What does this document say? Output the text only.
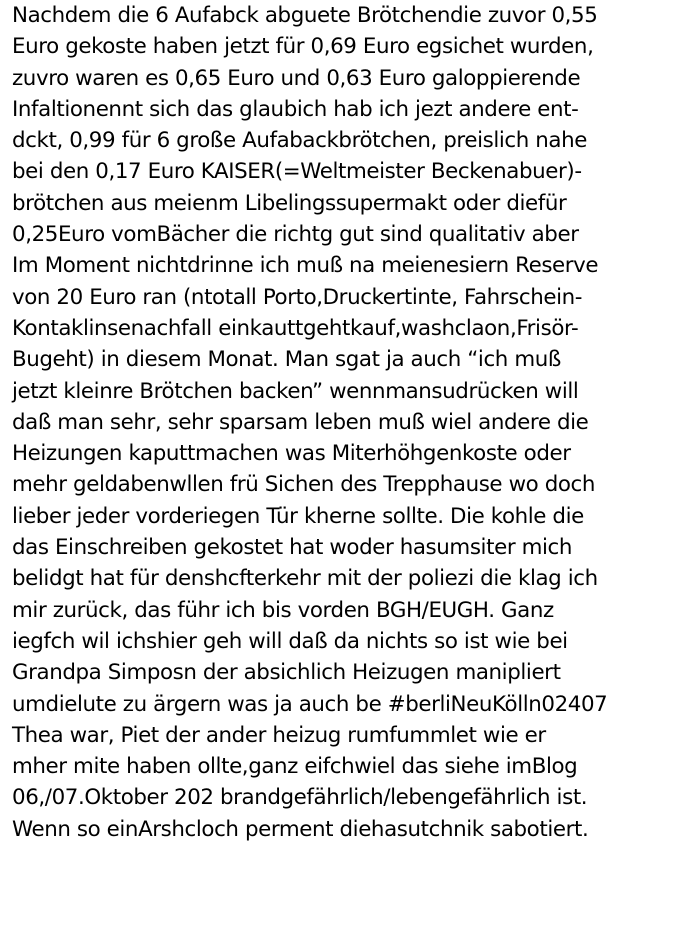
Nachdem die 6 Aufabck abguete Brötchendie zuvor 0,55
Euro gekoste haben jetzt für 0,69 Euro egsichet wurden,
zuvro waren es 0,65 Euro und 0,63 Euro galoppierende
Infaltionennt sich das glaubich hab ich jezt andere ent-
dckt, 0,99 für 6 große Aufabackbrötchen, preislich nahe
bei den 0,17 Euro KAISER(=Weltmeister Beckenabuer)-
brötchen aus meienm Libelingssupermakt oder diefür
0,25Euro vomBächer die richtg gut sind qualitativ aber
Im Moment nichtdrinne ich muß na meienesiern Reserve
von 20 Euro ran (ntotall Porto,Druckertinte, Fahrschein-
Kontaklinsenachfall einkauttgehtkauf,washclaon,Frisör-
Bugeht) in diesem Monat. Man sgat ja auch “ich muß
jetzt kleinre Brötchen backen” wennmansudrücken will
daß man sehr, sehr sparsam leben muß wiel andere die
Heizungen kaputtmachen was Miterhöhgenkoste oder
mehr geldabenwllen frü Sichen des Trepphause wo doch
lieber jeder vorderiegen Tür kherne sollte. Die kohle die
das Einschreiben gekostet hat woder hasumsiter mich
belidgt hat für denshcfterkehr mit der poliezi die klag ich
mir zurück, das führ ich bis vorden BGH/EUGH. Ganz
iegfch wil ichshier geh will daß da nichts so ist wie bei
Grandpa Simposn der absichlich Heizugen manipliert
umdielute zu ärgern was ja auch be #berliNeuKölln02407
Thea war, Piet der ander heizug rumfummlet wie er
mher mite haben ollte,ganz eifchwiel das siehe imBlog
06,/07.Oktober 202 brandgefährlich/lebengefährlich ist.
Wenn so einArshcloch perment diehasutchnik sabotiert.
